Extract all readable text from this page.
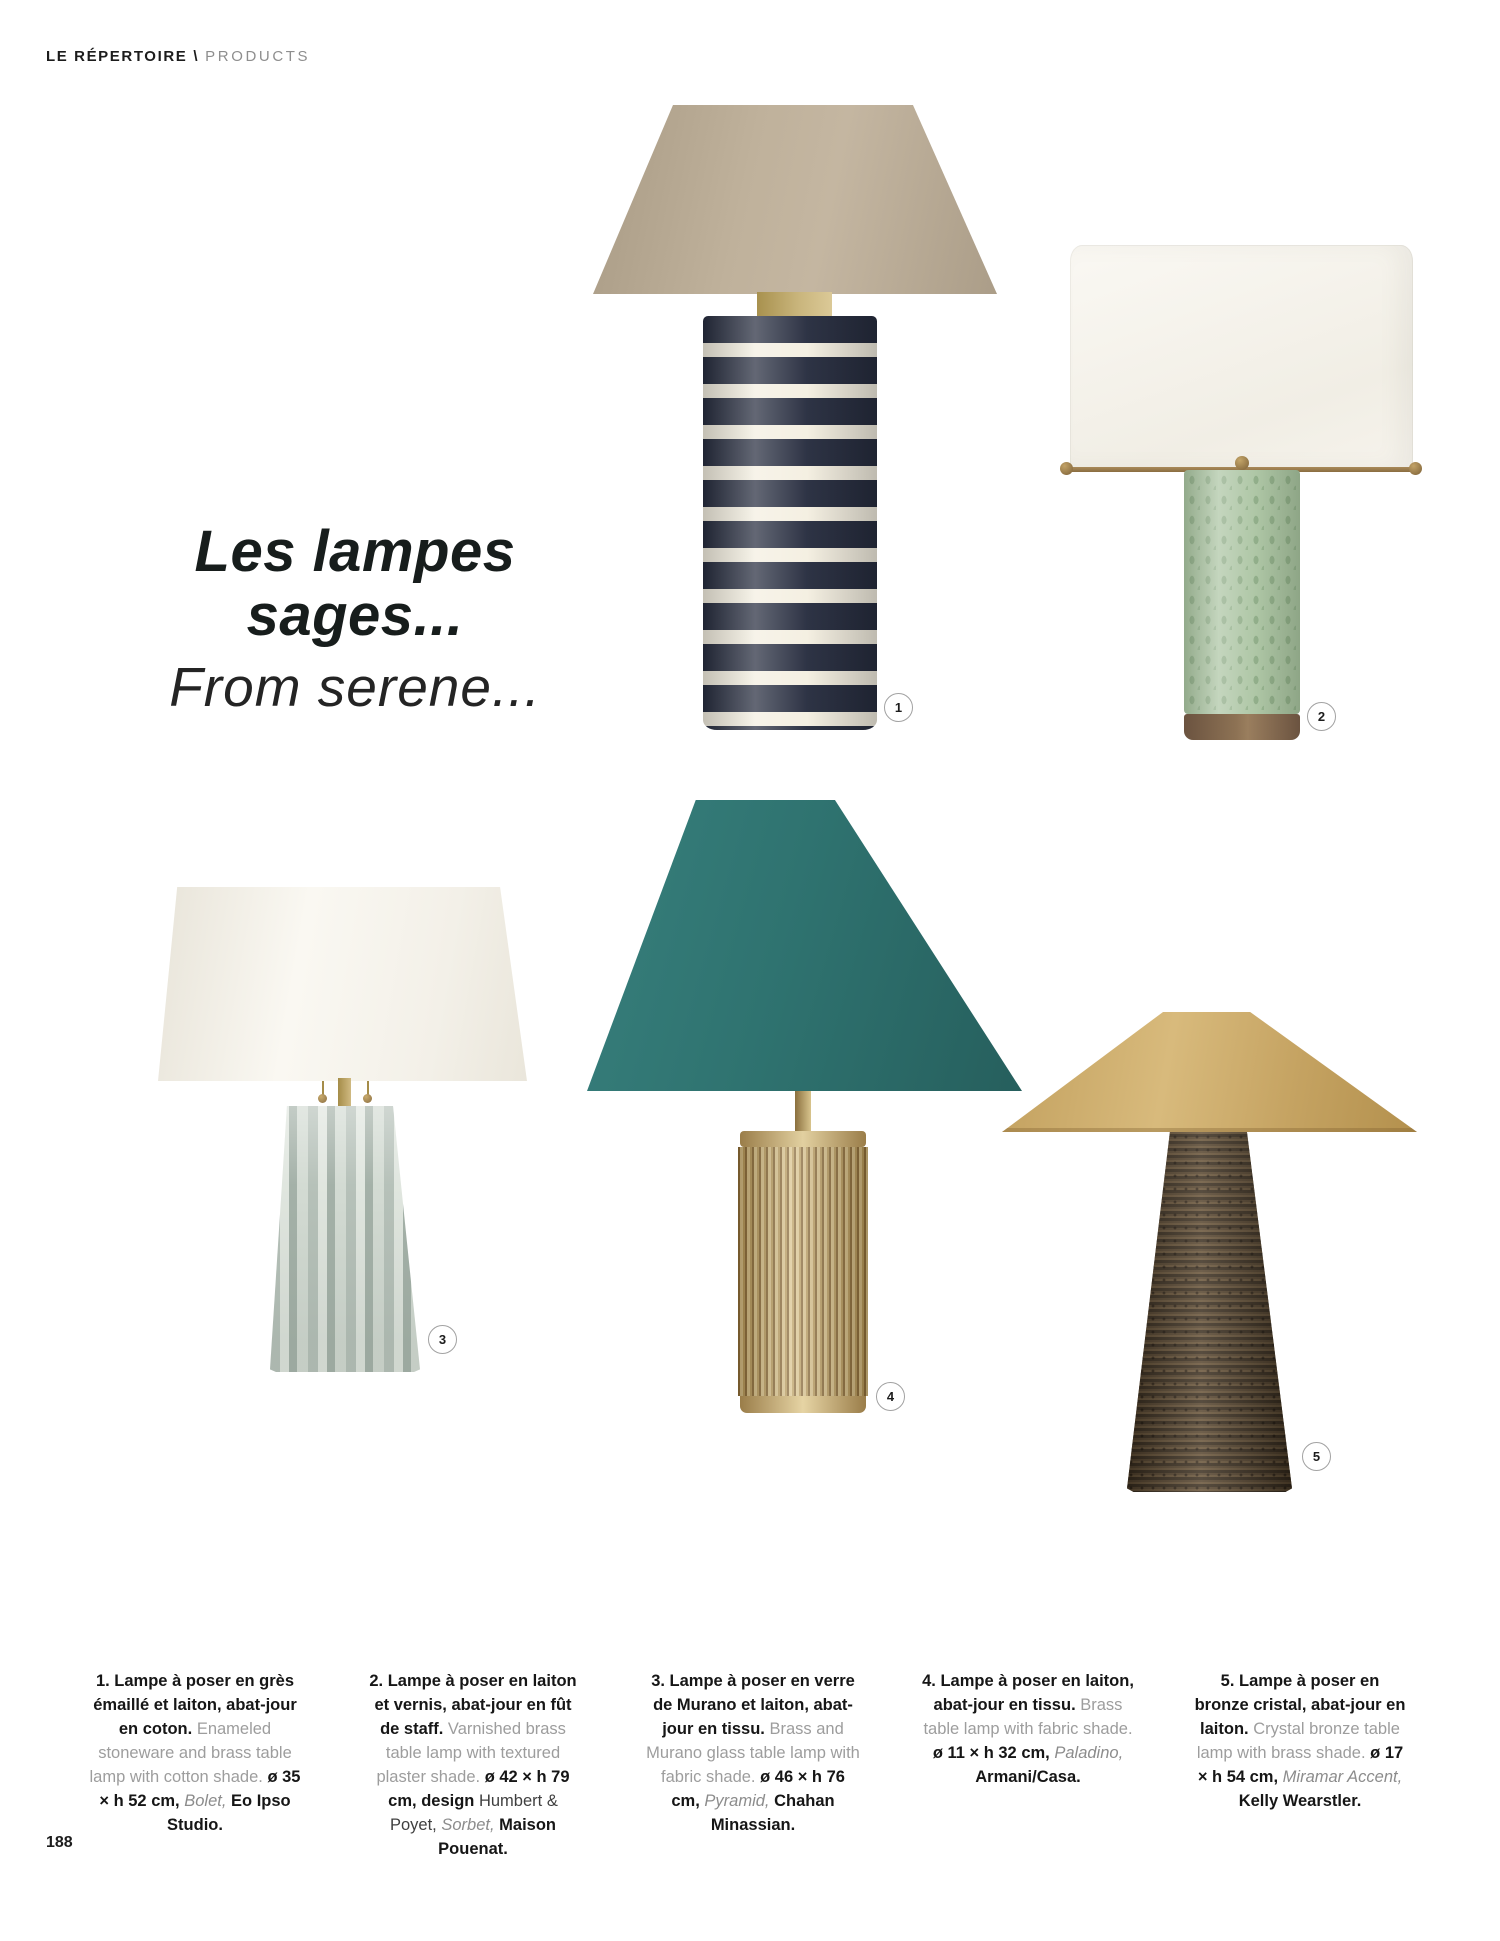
LE RÉPERTOIRE \ PRODUCTS

Les lampes

sages...

From serene...	1
2
3
4
5
1. Lampe à poser en grès émaillé et laiton, abat-jour en coton. Enameled stoneware and brass table lamp with cotton shade. ø 35 × h 52 cm, Bolet, Eo Ipso Studio.
2. Lampe à poser en laiton et vernis, abat-jour en fût de staff. Varnished brass table lamp with textured plaster shade. ø 42 × h 79 cm, design Humbert & Poyet, Sorbet, Maison Pouenat.
3. Lampe à poser en verre de Murano et laiton, abat-jour en tissu. Brass and Murano glass table lamp with fabric shade. ø 46 × h 76 cm, Pyramid, Chahan Minassian.
4. Lampe à poser en laiton, abat-jour en tissu. Brass table lamp with fabric shade. ø 11 × h 32 cm, Paladino, Armani/Casa.
5. Lampe à poser en bronze cristal, abat-jour en laiton. Crystal bronze table lamp with brass shade. ø 17 × h 54 cm, Miramar Accent, Kelly Wearstler.
188
